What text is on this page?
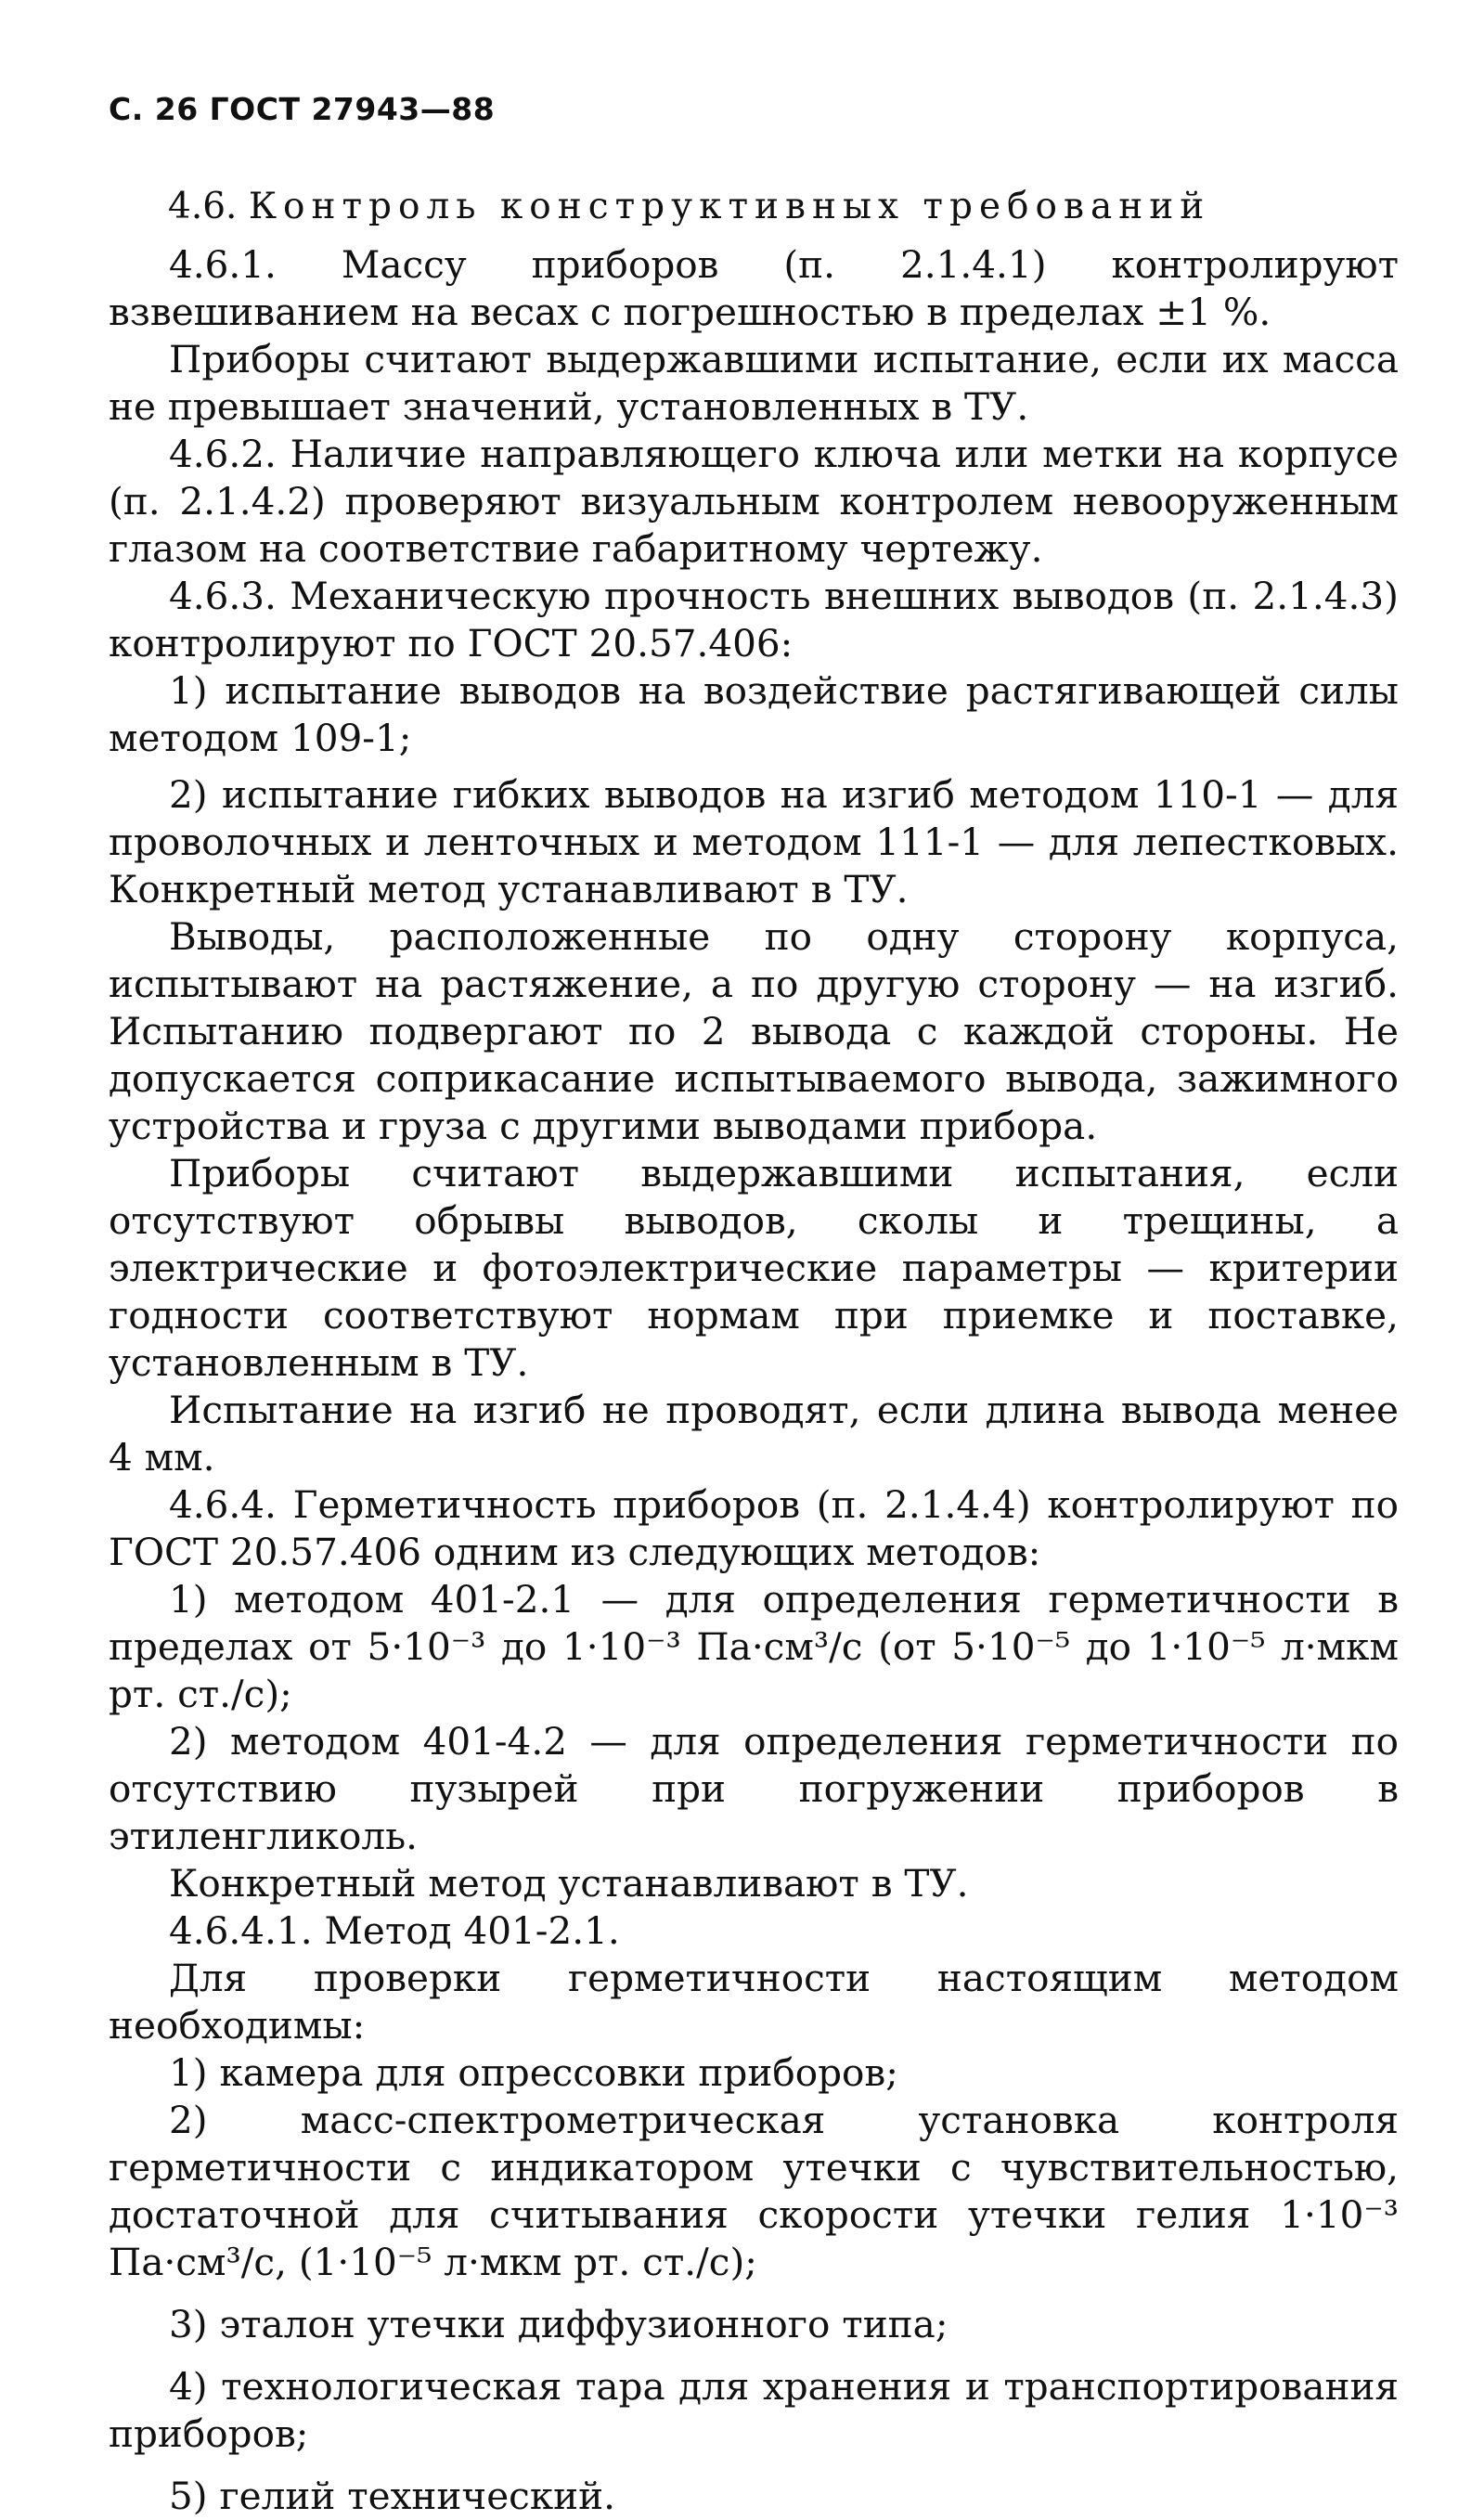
С. 26 ГОСТ 27943—88
4.6. Контроль конструктивных требований

4.6.1. Массу приборов (п. 2.1.4.1) контролируют взвешиванием на весах с погрешностью в пределах ±1 %.

Приборы считают выдержавшими испытание, если их масса не превышает значений, установленных в ТУ.

4.6.2. Наличие направляющего ключа или метки на корпусе (п. 2.1.4.2) проверяют визуальным контролем невооруженным глазом на соответствие габаритному чертежу.

4.6.3. Механическую прочность внешних выводов (п. 2.1.4.3) контролируют по ГОСТ 20.57.406:

1) испытание выводов на воздействие растягивающей силы методом 109-1;

2) испытание гибких выводов на изгиб методом 110-1 — для проволочных и ленточных и методом 111-1 — для лепестковых. Конкретный метод устанавливают в ТУ.

Выводы, расположенные по одну сторону корпуса, испытывают на растяжение, а по другую сторону — на изгиб. Испытанию подвергают по 2 вывода с каждой стороны. Не допускается соприкасание испытываемого вывода, зажимного устройства и груза с другими выводами прибора.

Приборы считают выдержавшими испытания, если отсутствуют обрывы выводов, сколы и трещины, а электрические и фотоэлектрические параметры — критерии годности соответствуют нормам при приемке и поставке, установленным в ТУ.

Испытание на изгиб не проводят, если длина вывода менее 4 мм.

4.6.4. Герметичность приборов (п. 2.1.4.4) контролируют по ГОСТ 20.57.406 одним из следующих методов:

1) методом 401-2.1 — для определения герметичности в пределах от 5·10⁻³ до 1·10⁻³ Па·см³/с (от 5·10⁻⁵ до 1·10⁻⁵ л·мкм рт. ст./с);

2) методом 401-4.2 — для определения герметичности по отсутствию пузырей при погружении приборов в этиленгликоль.

Конкретный метод устанавливают в ТУ.

4.6.4.1. Метод 401-2.1.

Для проверки герметичности настоящим методом необходимы:

1) камера для опрессовки приборов;

2) масс-спектрометрическая установка контроля герметичности с индикатором утечки с чувствительностью, достаточной для считывания скорости утечки гелия 1·10⁻³ Па·см³/с, (1·10⁻⁵ л·мкм рт. ст./с);

3) эталон утечки диффузионного типа;

4) технологическая тара для хранения и транспортирования приборов;

5) гелий технический.
